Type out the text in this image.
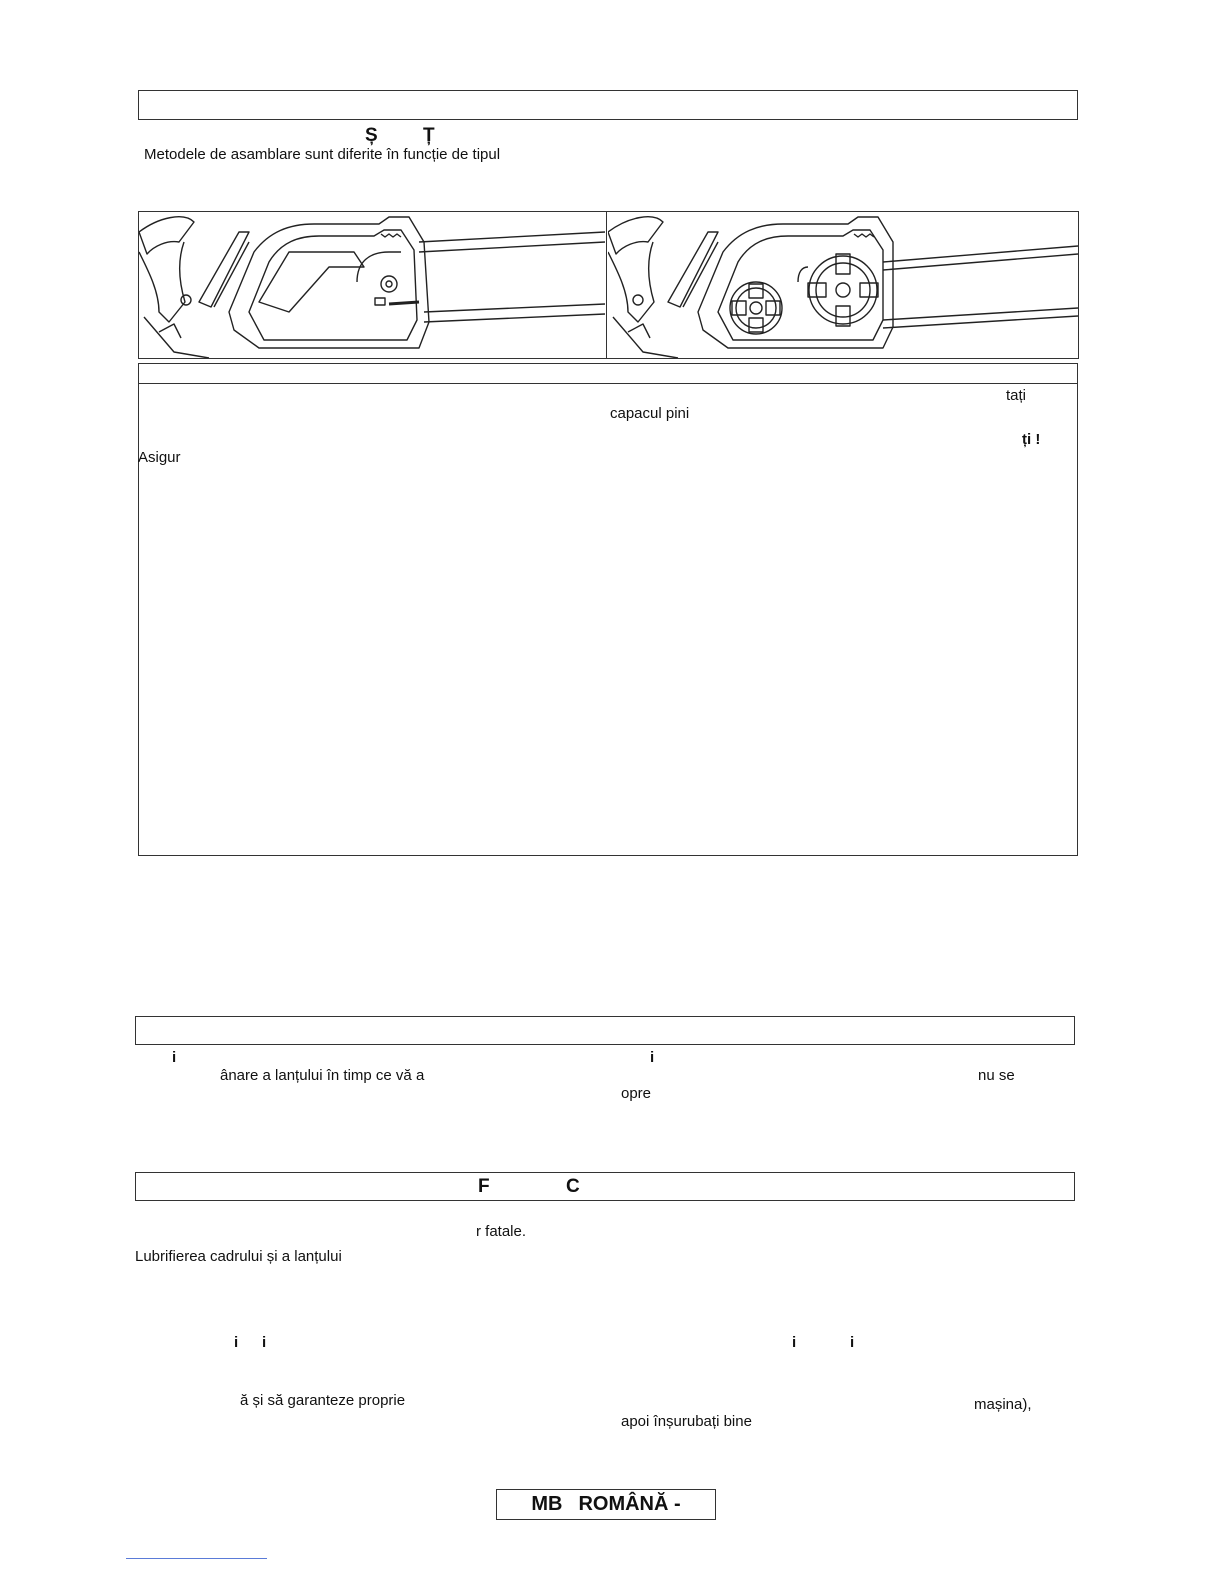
Ș Ț
Metodele de asamblare sunt diferite în funcție de tipul
tați
capacul pini
ți !
Asigur
i	i
ânare a lanțului în timp ce vă a	nu se
opre
F	C
r fatale.
Lubrifierea cadrului și a lanțului
i i	i	i
ă și să garanteze proprie	mașina),
apoi înșurubați bine
MB ROMÂNĂ -
